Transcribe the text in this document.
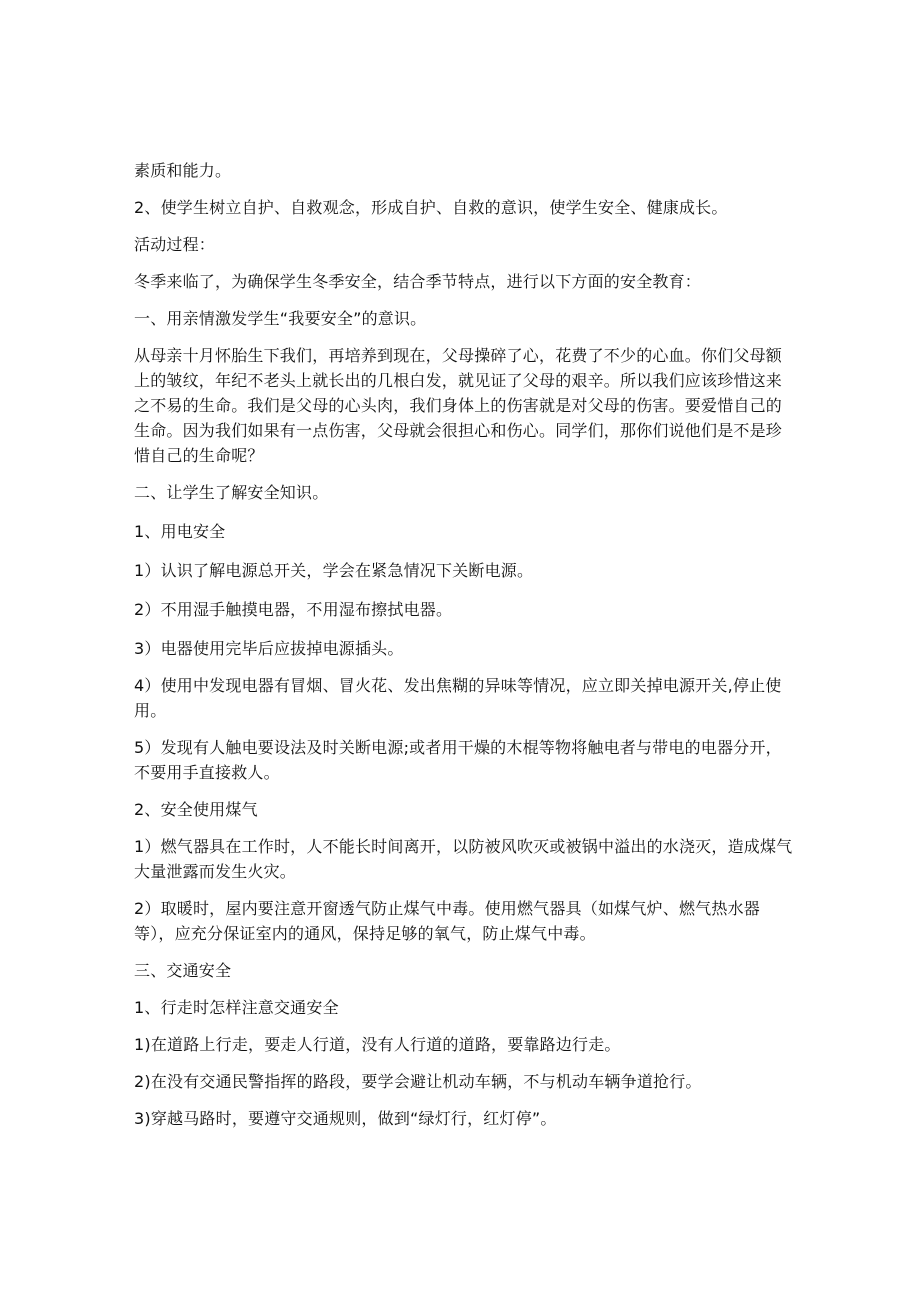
素质和能力。

2、使学生树立自护、自救观念，形成自护、自救的意识，使学生安全、健康成长。

活动过程：

冬季来临了，为确保学生冬季安全，结合季节特点，进行以下方面的安全教育：

一、用亲情激发学生“我要安全”的意识。

从母亲十月怀胎生下我们，再培养到现在，父母操碎了心，花费了不少的心血。你们父母额上的皱纹，年纪不老头上就长出的几根白发，就见证了父母的艰辛。所以我们应该珍惜这来之不易的生命。我们是父母的心头肉，我们身体上的伤害就是对父母的伤害。要爱惜自己的生命。因为我们如果有一点伤害，父母就会很担心和伤心。同学们，那你们说他们是不是珍惜自己的生命呢？

二、让学生了解安全知识。

1、用电安全

1）认识了解电源总开关，学会在紧急情况下关断电源。

2）不用湿手触摸电器，不用湿布擦拭电器。

3）电器使用完毕后应拔掉电源插头。

4）使用中发现电器有冒烟、冒火花、发出焦糊的异味等情况，应立即关掉电源开关,停止使用。

5）发现有人触电要设法及时关断电源;或者用干燥的木棍等物将触电者与带电的电器分开，不要用手直接救人。

2、安全使用煤气

1）燃气器具在工作时，人不能长时间离开，以防被风吹灭或被锅中溢出的水浇灭，造成煤气大量泄露而发生火灾。

2）取暖时，屋内要注意开窗透气防止煤气中毒。使用燃气器具（如煤气炉、燃气热水器等），应充分保证室内的通风，保持足够的氧气，防止煤气中毒。

三、交通安全

1、行走时怎样注意交通安全

1)在道路上行走，要走人行道，没有人行道的道路，要靠路边行走。

2)在没有交通民警指挥的路段，要学会避让机动车辆，不与机动车辆争道抢行。

3)穿越马路时，要遵守交通规则，做到“绿灯行，红灯停”。
